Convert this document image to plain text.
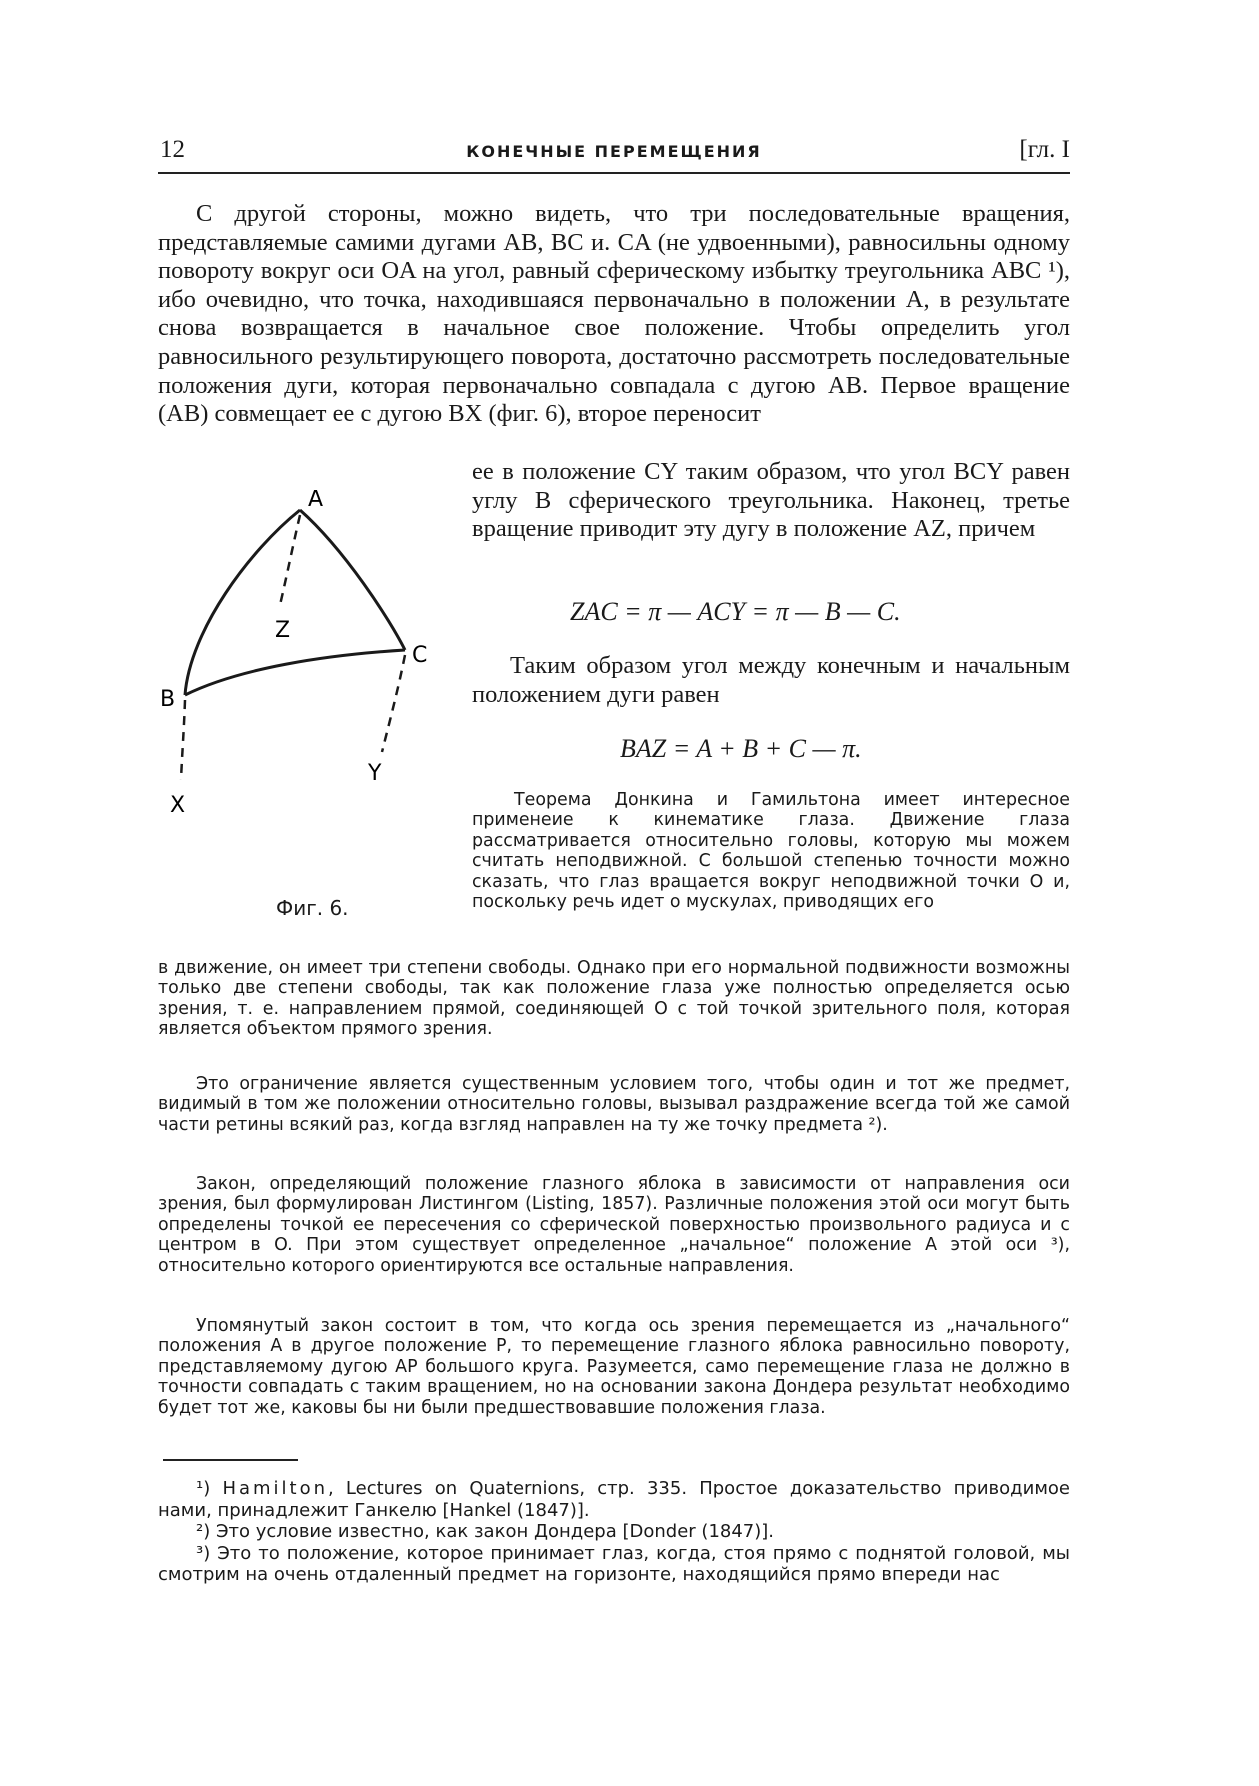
12	КОНЕЧНЫЕ ПЕРЕМЕЩЕНИЯ	[гл. I

С другой стороны, можно видеть, что три последовательные вращения, представляемые самими дугами AB, BC и. CA (не удвоенными), равносильны одному повороту вокруг оси OA на угол, равный сферическому избытку треугольника ABC ¹), ибо очевидно, что точка, находившаяся первоначально в положении A, в результате снова возвращается в начальное свое положение. Чтобы определить угол равносильного результирующего поворота, достаточно рассмотреть последовательные положения дуги, которая первоначально совпадала с дугою AB. Первое вращение (AB) совмещает ее с дугою BX (фиг. 6), второе переносит

ее в положение CY таким образом, что угол BCY равен углу B сферического треугольника. Наконец, третье вращение приводит эту дугу в положение AZ, причем

ZAC = π — ACY = π — B — C.

Таким образом угол между конечным и начальным положением дуги равен

BAZ = A + B + C — π.

Теорема Донкина и Гамильтона имеет интересное применеие к кинематике глаза. Движение глаза рассматривается относительно головы, которую мы можем считать неподвижной. С большой степенью точности можно сказать, что глаз вращается вокруг неподвижной точки O и, поскольку речь идет о мускулах, приводящих его

в движение, он имеет три степени свободы. Однако при его нормальной подвижности возможны только две степени свободы, так как положение глаза уже полностью определяется осью зрения, т. е. направлением прямой, соединяющей O с той точкой зрительного поля, которая является объектом прямого зрения.

Это ограничение является существенным условием того, чтобы один и тот же предмет, видимый в том же положении относительно головы, вызывал раздражение всегда той же самой части ретины всякий раз, когда взгляд направлен на ту же точку предмета ²).

Закон, определяющий положение глазного яблока в зависимости от направления оси зрения, был формулирован Листингом (Listing, 1857). Различные положения этой оси могут быть определены точкой ее пересечения со сферической поверхностью произвольного радиуса и с центром в O. При этом существует определенное „начальное“ положение A этой оси ³), относительно которого ориентируются все остальные направления.

Упомянутый закон состоит в том, что когда ось зрения перемещается из „начального“ положения A в другое положение P, то перемещение глазного яблока равносильно повороту, представляемому дугою AP большого круга. Разумеется, само перемещение глаза не должно в точности совпадать с таким вращением, но на основании закона Дондера результат необходимо будет тот же, каковы бы ни были предшествовавшие положения глаза.

A
Z
C
B
Y
X
Фиг. 6.

¹) Hamilton, Lectures on Quaternions, стр. 335. Простое доказательство приводимое нами, принадлежит Ганкелю [Hankel (1847)].

²) Это условие известно, как закон Дондера [Donder (1847)].

³) Это то положение, которое принимает глаз, когда, стоя прямо с поднятой головой, мы смотрим на очень отдаленный предмет на горизонте, находящийся прямо впереди нас
